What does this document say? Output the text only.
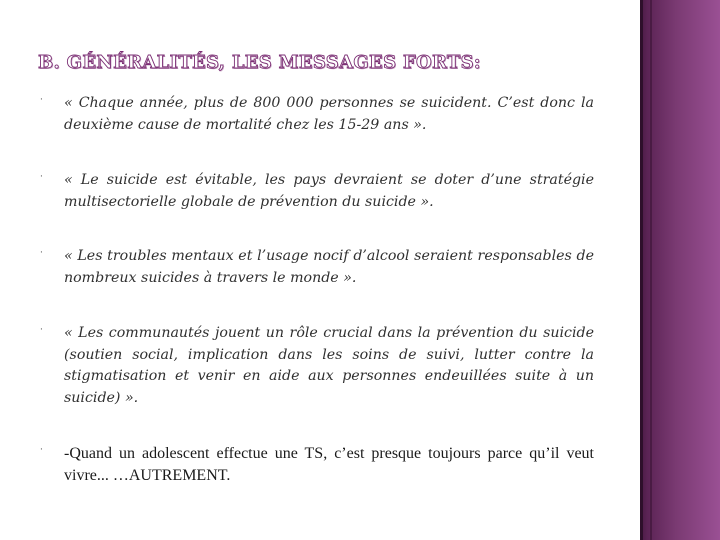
B. GÉNÉRALITÉS, LES MESSAGES FORTS:
· « Chaque année, plus de 800 000 personnes se suicident. C’est donc la deuxième cause de mortalité chez les 15-29 ans ».
· « Le suicide est évitable, les pays devraient se doter d’une stratégie multisectorielle globale de prévention du suicide ».
· « Les troubles mentaux et l’usage nocif d’alcool seraient responsables de nombreux suicides à travers le monde ».
· « Les communautés jouent un rôle crucial dans la prévention du suicide (soutien social, implication dans les soins de suivi, lutter contre la stigmatisation et venir en aide aux personnes endeuillées suite à un suicide) ».
· -Quand un adolescent effectue une TS, c’est presque toujours parce qu’il veut vivre... …AUTREMENT.
